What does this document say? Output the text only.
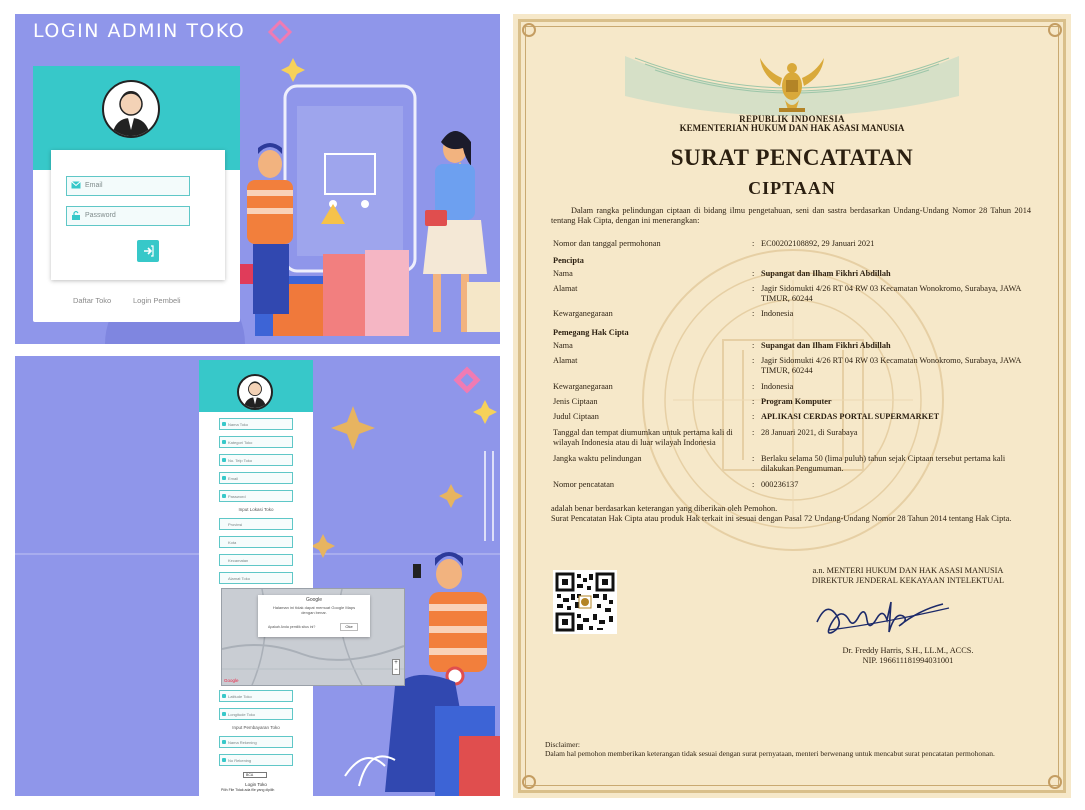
LOGIN ADMIN TOKO
Email
Password
Daftar Toko	Login Pembeli
Nama Toko
Kategori Toko
No. Telp Toko
Email
Password
Input Lokasi Toko
Provinsi
Kota
Kecamatan
Alamat Toko
Latitude Toko
Longitude Toko
Input Pembayaran Toko
Nama Rekening
No Rekening
BCA
Login Toko
Pilih File Tidak ada file yang dipilih
Google
Halaman ini tidak dapat memuat Google Maps dengan benar.
Apakah Anda pemilik situs ini?	Oke
+
−
Google
REPUBLIK INDONESIA
KEMENTERIAN HUKUM DAN HAK ASASI MANUSIA
SURAT PENCATATAN
CIPTAAN
Dalam rangka pelindungan ciptaan di bidang ilmu pengetahuan, seni dan sastra berdasarkan Undang-Undang Nomor 28 Tahun 2014 tentang Hak Cipta, dengan ini menerangkan:
Nomor dan tanggal permohonan	: EC00202108892, 29 Januari 2021
Pencipta
Nama	: Supangat dan Ilham Fikhri Abdillah
Alamat	: Jagir Sidomukti 4/26 RT 04 RW 03 Kecamatan Wonokromo, Surabaya, JAWA TIMUR, 60244
Kewarganegaraan	: Indonesia
Pemegang Hak Cipta
Nama	: Supangat dan Ilham Fikhri Abdillah
Alamat	: Jagir Sidomukti 4/26 RT 04 RW 03 Kecamatan Wonokromo, Surabaya, JAWA TIMUR, 60244
Kewarganegaraan	: Indonesia
Jenis Ciptaan	: Program Komputer
Judul Ciptaan	: APLIKASI CERDAS PORTAL SUPERMARKET
Tanggal dan tempat diumumkan untuk pertama kali di wilayah Indonesia atau di luar wilayah Indonesia
: 28 Januari 2021, di Surabaya
Jangka waktu pelindungan	: Berlaku selama 50 (lima puluh) tahun sejak Ciptaan tersebut pertama kali dilakukan Pengumuman.
Nomor pencatatan	: 000236137
adalah benar berdasarkan keterangan yang diberikan oleh Pemohon.
Surat Pencatatan Hak Cipta atau produk Hak terkait ini sesuai dengan Pasal 72 Undang-Undang Nomor 28 Tahun 2014 tentang Hak Cipta.
a.n. MENTERI HUKUM DAN HAK ASASI MANUSIA
DIREKTUR JENDERAL KEKAYAAN INTELEKTUAL
Dr. Freddy Harris, S.H., LL.M., ACCS.
NIP. 196611181994031001
Disclaimer:
Dalam hal pemohon memberikan keterangan tidak sesuai dengan surat pernyataan, menteri berwenang untuk mencabut surat pencatatan permohonan.
